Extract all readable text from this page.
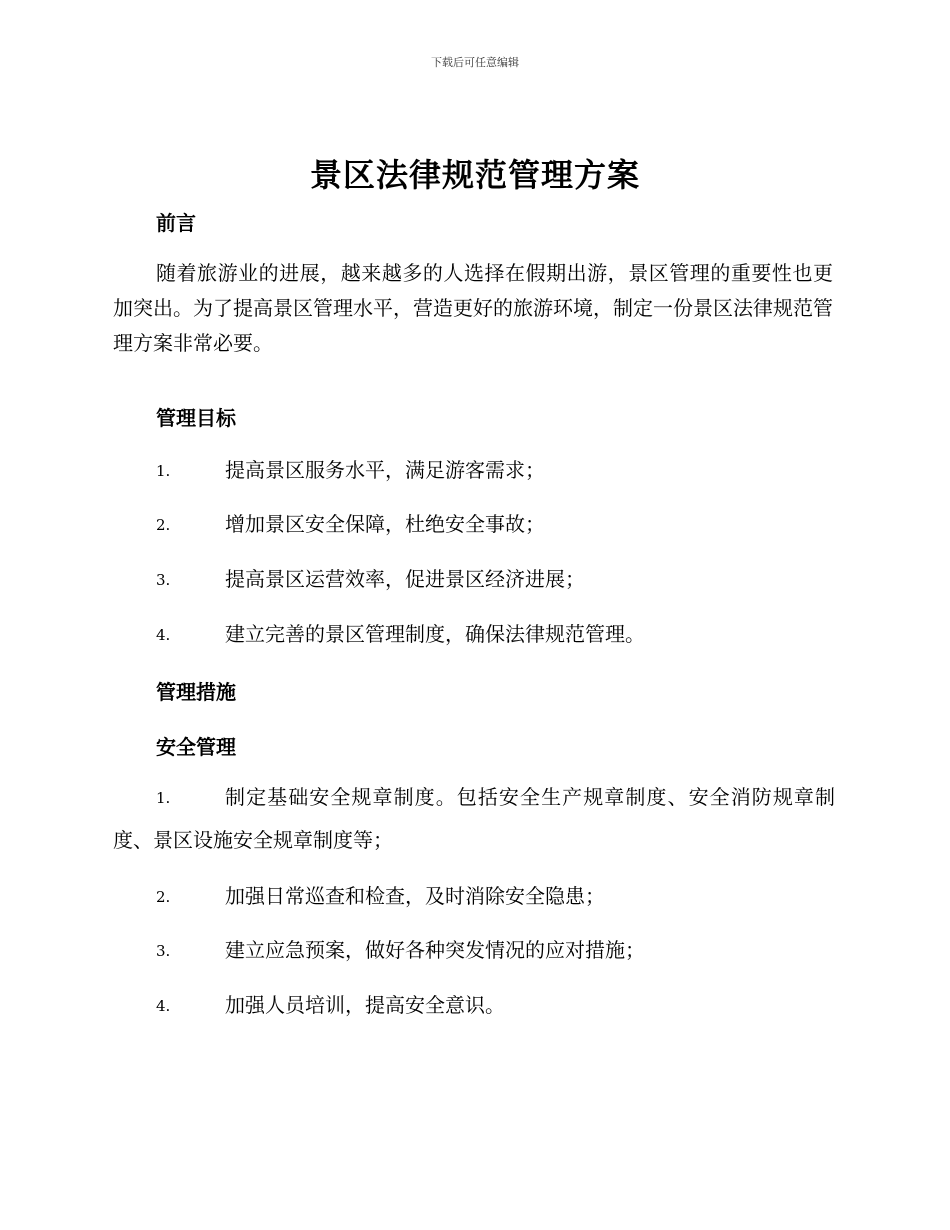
下载后可任意编辑
景区法律规范管理方案
前言
随着旅游业的进展，越来越多的人选择在假期出游，景区管理的重要性也更加突出。为了提高景区管理水平，营造更好的旅游环境，制定一份景区法律规范管理方案非常必要。
管理目标
1.	提高景区服务水平，满足游客需求；
2.	增加景区安全保障，杜绝安全事故；
3.	提高景区运营效率，促进景区经济进展；
4.	建立完善的景区管理制度，确保法律规范管理。
管理措施
安全管理
1.	制定基础安全规章制度。包括安全生产规章制度、安全消防规章制度、景区设施安全规章制度等；
2.	加强日常巡查和检查，及时消除安全隐患；
3.	建立应急预案，做好各种突发情况的应对措施；
4.	加强人员培训，提高安全意识。
